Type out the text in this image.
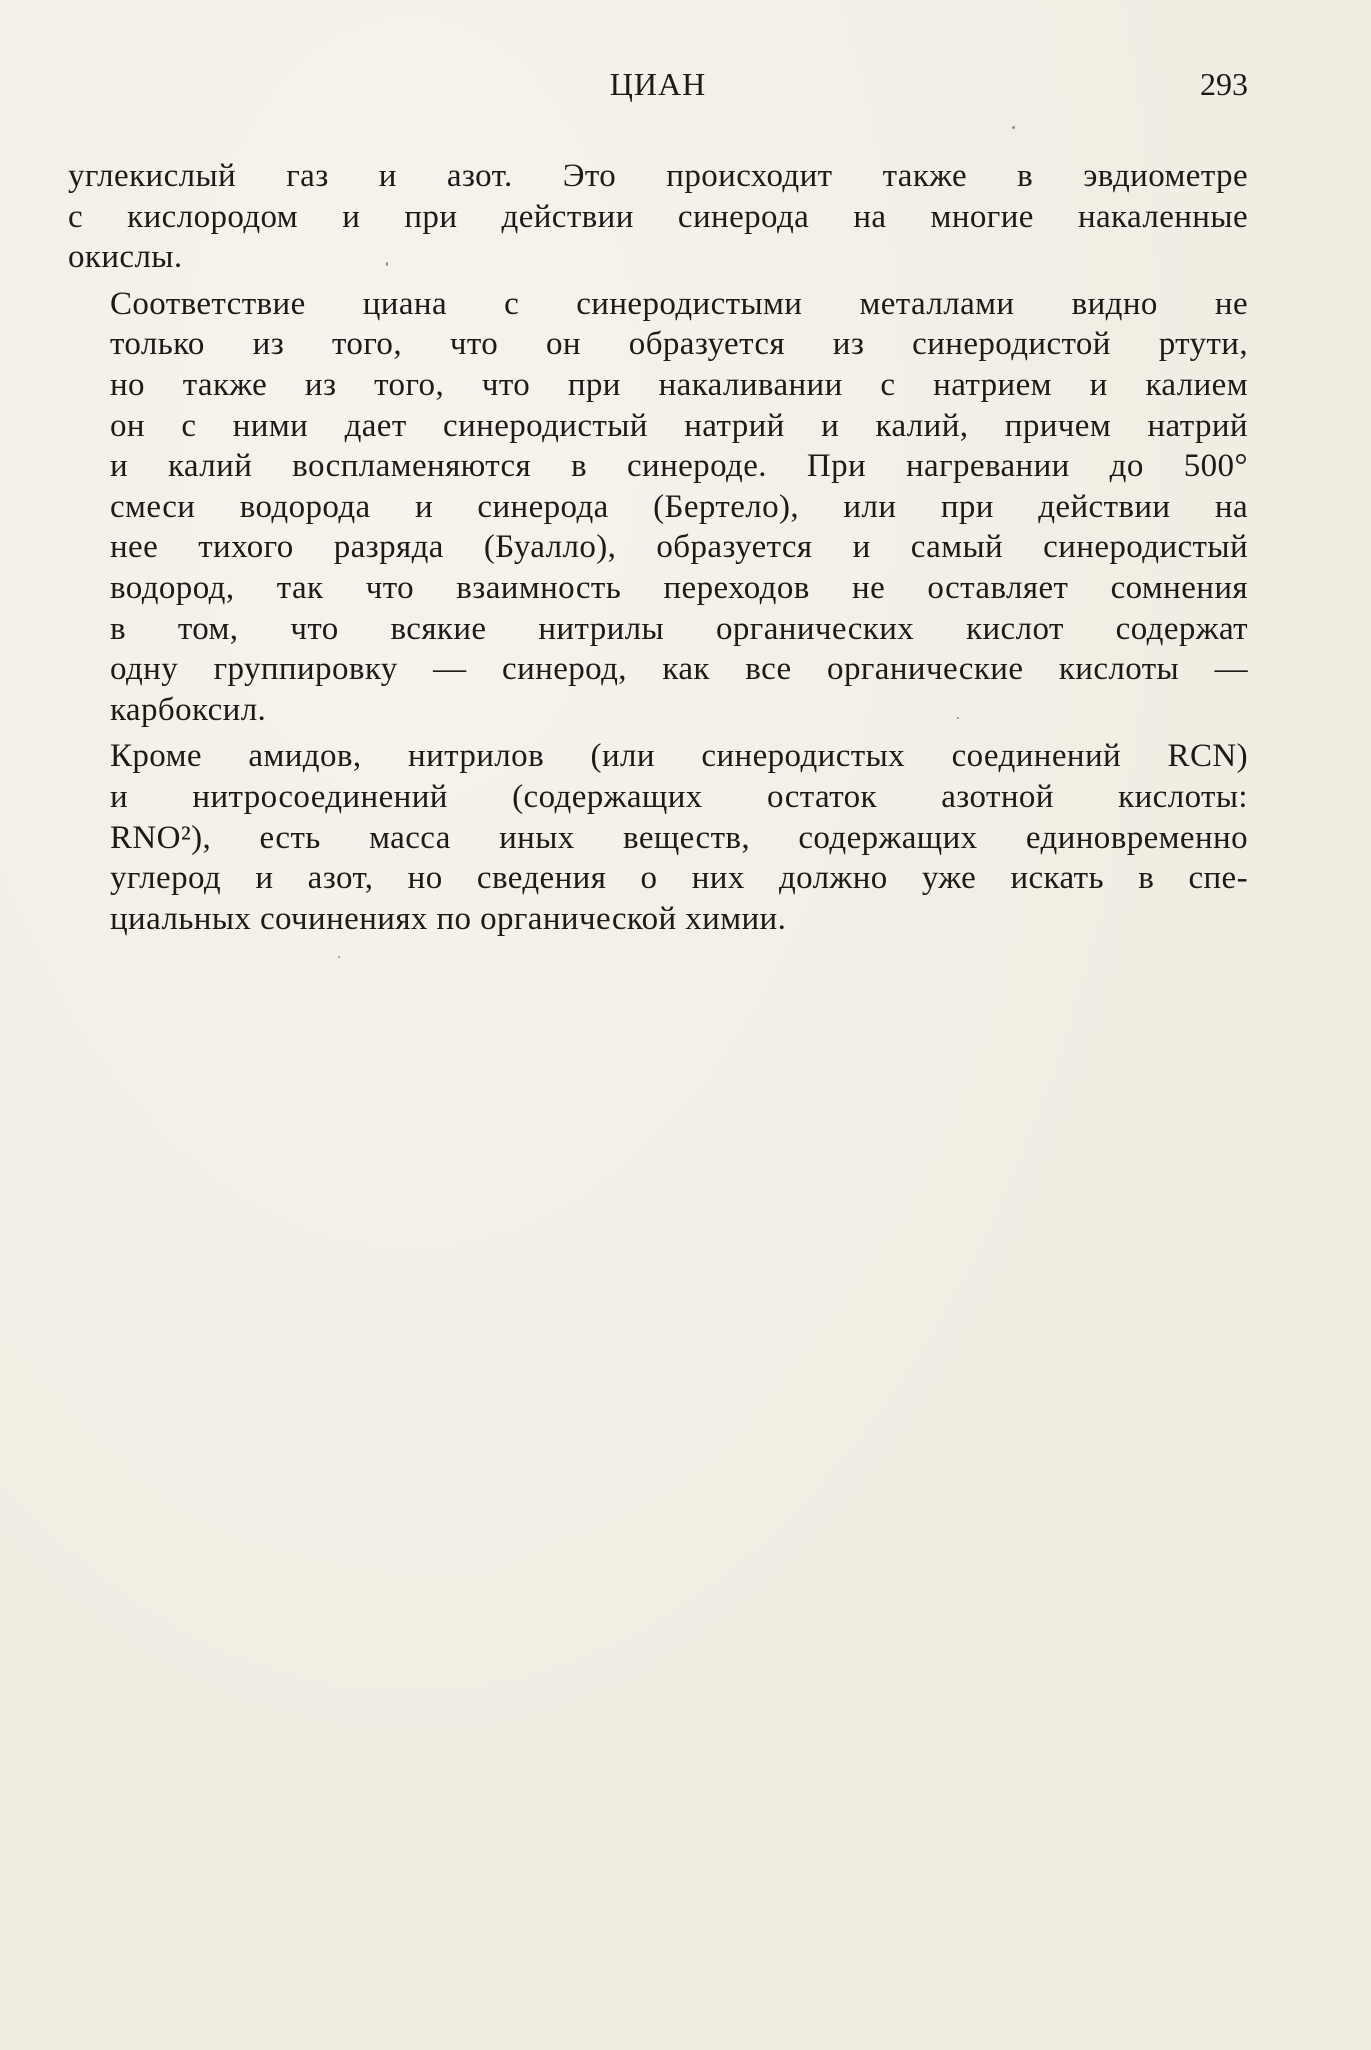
ЦИАН	293

углекислый газ и азот. Это происходит также в эвдиометре
с кислородом и при действии синерода на многие накаленные
окислы.

Соответствие циана с синеродистыми металлами видно не
только из того, что он образуется из синеродистой ртути,
но также из того, что при накаливании с натрием и калием
он с ними дает синеродистый натрий и калий, причем натрий
и калий воспламеняются в синероде. При нагревании до 500°
смеси водорода и синерода (Бертело), или при действии на
нее тихого разряда (Буалло), образуется и самый синеродистый
водород, так что взаимность переходов не оставляет сомнения
в том, что всякие нитрилы органических кислот содержат
одну группировку — синерод, как все органические кислоты —
карбоксил.

Кроме амидов, нитрилов (или синеродистых соединений RCN)
и нитросоединений (содержащих остаток азотной кислоты:
RNO²), есть масса иных веществ, содержащих единовременно
углерод и азот, но сведения о них должно уже искать в спе-
циальных сочинениях по органической химии.
